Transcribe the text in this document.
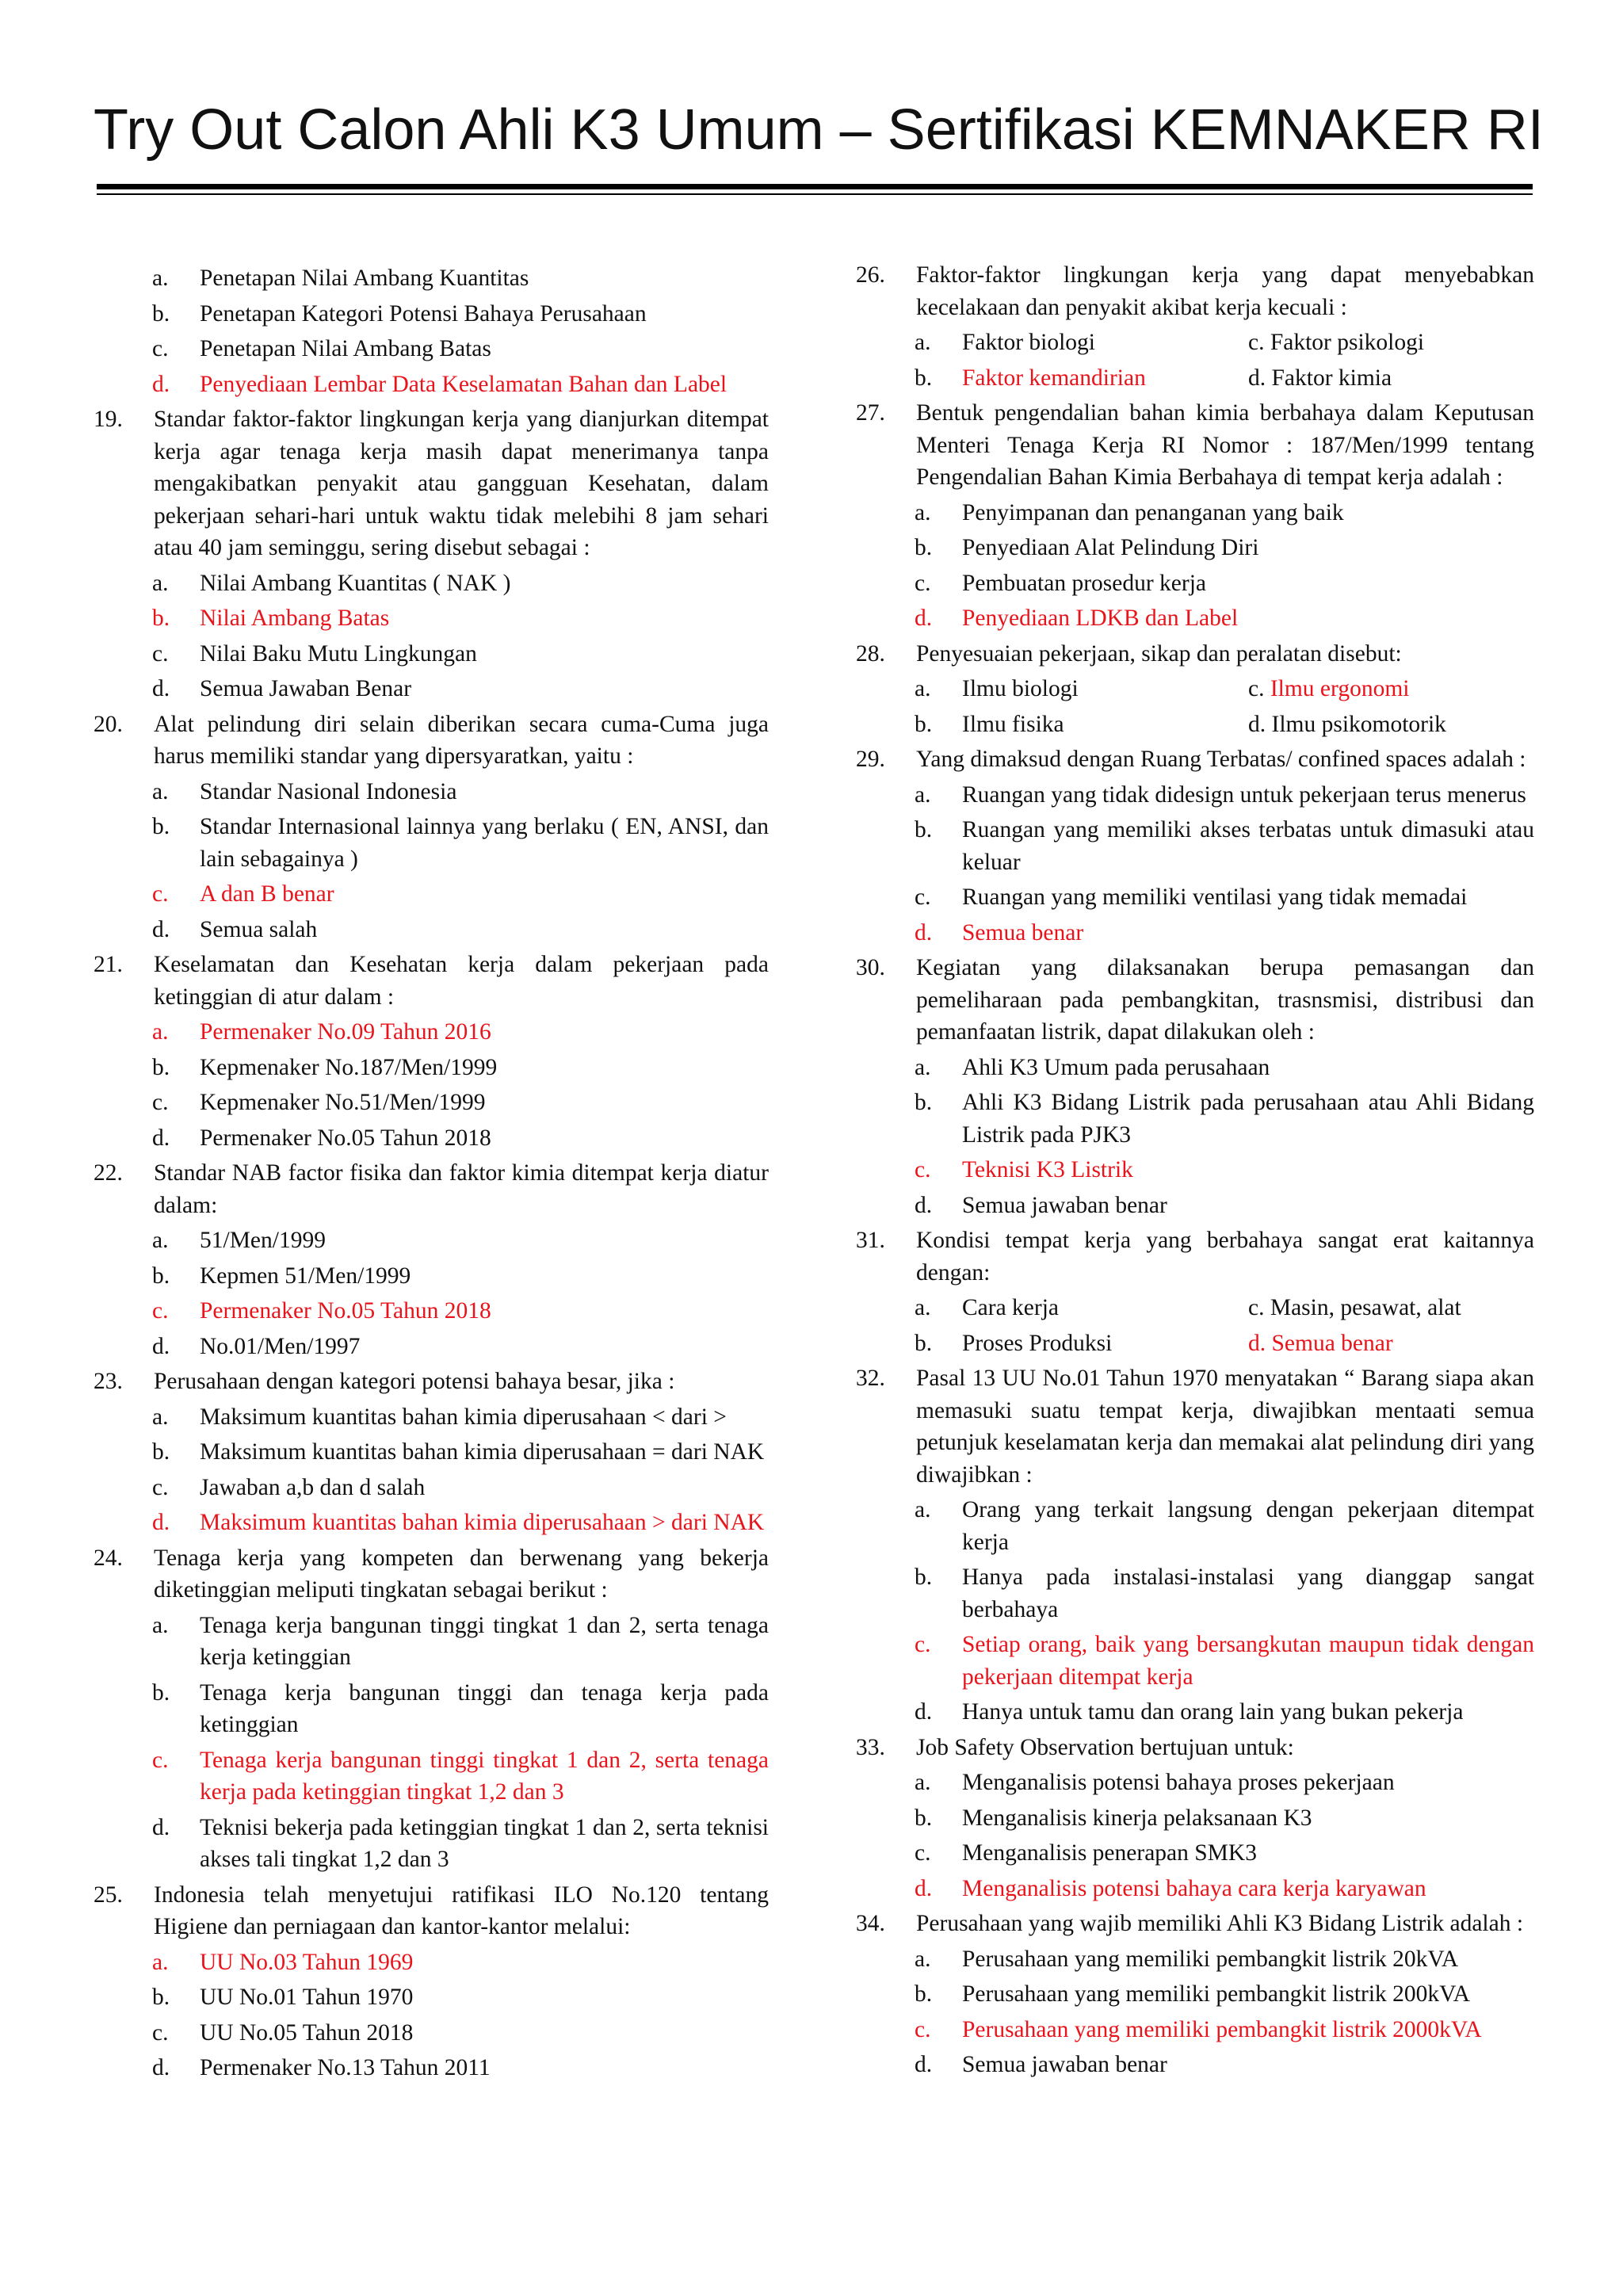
Try Out Calon Ahli K3 Umum – Sertifikasi KEMNAKER RI
a. Penetapan Nilai Ambang Kuantitas
b. Penetapan Kategori Potensi Bahaya Perusahaan
c. Penetapan Nilai Ambang Batas
d. Penyediaan Lembar Data Keselamatan Bahan dan Label
19. Standar faktor-faktor lingkungan kerja yang dianjurkan ditempat kerja agar tenaga kerja masih dapat menerimanya tanpa mengakibatkan penyakit atau gangguan Kesehatan, dalam pekerjaan sehari-hari untuk waktu tidak melebihi 8 jam sehari atau 40 jam seminggu, sering disebut sebagai :
a. Nilai Ambang Kuantitas ( NAK )
b. Nilai Ambang Batas
c. Nilai Baku Mutu Lingkungan
d. Semua Jawaban Benar
20. Alat pelindung diri selain diberikan secara cuma-Cuma juga harus memiliki standar yang dipersyaratkan, yaitu :
a. Standar Nasional Indonesia
b. Standar Internasional lainnya yang berlaku ( EN, ANSI, dan lain sebagainya )
c. A dan B benar
d. Semua salah
21. Keselamatan dan Kesehatan kerja dalam pekerjaan pada ketinggian di atur dalam :
a. Permenaker No.09 Tahun 2016
b. Kepmenaker No.187/Men/1999
c. Kepmenaker No.51/Men/1999
d. Permenaker No.05 Tahun 2018
22. Standar NAB factor fisika dan faktor kimia ditempat kerja diatur dalam:
a. 51/Men/1999
b. Kepmen 51/Men/1999
c. Permenaker No.05 Tahun 2018
d. No.01/Men/1997
23. Perusahaan dengan kategori potensi bahaya besar, jika :
a. Maksimum kuantitas bahan kimia diperusahaan < dari >
b. Maksimum kuantitas bahan kimia diperusahaan = dari NAK
c. Jawaban a,b dan d salah
d. Maksimum kuantitas bahan kimia diperusahaan > dari NAK
24. Tenaga kerja yang kompeten dan berwenang yang bekerja diketinggian meliputi tingkatan sebagai berikut :
a. Tenaga kerja bangunan tinggi tingkat 1 dan 2, serta tenaga kerja ketinggian
b. Tenaga kerja bangunan tinggi dan tenaga kerja pada ketinggian
c. Tenaga kerja bangunan tinggi tingkat 1 dan 2, serta tenaga kerja pada ketinggian tingkat 1,2 dan 3
d. Teknisi bekerja pada ketinggian tingkat 1 dan 2, serta teknisi akses tali tingkat 1,2 dan 3
25. Indonesia telah menyetujui ratifikasi ILO No.120 tentang Higiene dan perniagaan dan kantor-kantor melalui:
a. UU No.03 Tahun 1969
b. UU No.01 Tahun 1970
c. UU No.05 Tahun 2018
d. Permenaker No.13 Tahun 2011
26. Faktor-faktor lingkungan kerja yang dapat menyebabkan kecelakaan dan penyakit akibat kerja kecuali :
a. Faktor biologi	c. Faktor psikologi
b. Faktor kemandirian	d. Faktor kimia
27. Bentuk pengendalian bahan kimia berbahaya dalam Keputusan Menteri Tenaga Kerja RI Nomor : 187/Men/1999 tentang Pengendalian Bahan Kimia Berbahaya di tempat kerja adalah :
a. Penyimpanan dan penanganan yang baik
b. Penyediaan Alat Pelindung Diri
c. Pembuatan prosedur kerja
d. Penyediaan LDKB dan Label
28. Penyesuaian pekerjaan, sikap dan peralatan disebut:
a. Ilmu biologi	c. Ilmu ergonomi
b. Ilmu fisika	d. Ilmu psikomotorik
29. Yang dimaksud dengan Ruang Terbatas/ confined spaces adalah :
a. Ruangan yang tidak didesign untuk pekerjaan terus menerus
b. Ruangan yang memiliki akses terbatas untuk dimasuki atau keluar
c. Ruangan yang memiliki ventilasi yang tidak memadai
d. Semua benar
30. Kegiatan yang dilaksanakan berupa pemasangan dan pemeliharaan pada pembangkitan, trasnsmisi, distribusi dan pemanfaatan listrik, dapat dilakukan oleh :
a. Ahli K3 Umum pada perusahaan
b. Ahli K3 Bidang Listrik pada perusahaan atau Ahli Bidang Listrik pada PJK3
c. Teknisi K3 Listrik
d. Semua jawaban benar
31. Kondisi tempat kerja yang berbahaya sangat erat kaitannya dengan:
a. Cara kerja	c. Masin, pesawat, alat
b. Proses Produksi	d. Semua benar
32. Pasal 13 UU No.01 Tahun 1970 menyatakan “ Barang siapa akan memasuki suatu tempat kerja, diwajibkan mentaati semua petunjuk keselamatan kerja dan memakai alat pelindung diri yang diwajibkan :
a. Orang yang terkait langsung dengan pekerjaan ditempat kerja
b. Hanya pada instalasi-instalasi yang dianggap sangat berbahaya
c. Setiap orang, baik yang bersangkutan maupun tidak dengan pekerjaan ditempat kerja
d. Hanya untuk tamu dan orang lain yang bukan pekerja
33. Job Safety Observation bertujuan untuk:
a. Menganalisis potensi bahaya proses pekerjaan
b. Menganalisis kinerja pelaksanaan K3
c. Menganalisis penerapan SMK3
d. Menganalisis potensi bahaya cara kerja karyawan
34. Perusahaan yang wajib memiliki Ahli K3 Bidang Listrik adalah :
a. Perusahaan yang memiliki pembangkit listrik 20kVA
b. Perusahaan yang memiliki pembangkit listrik 200kVA
c. Perusahaan yang memiliki pembangkit listrik 2000kVA
d. Semua jawaban benar
